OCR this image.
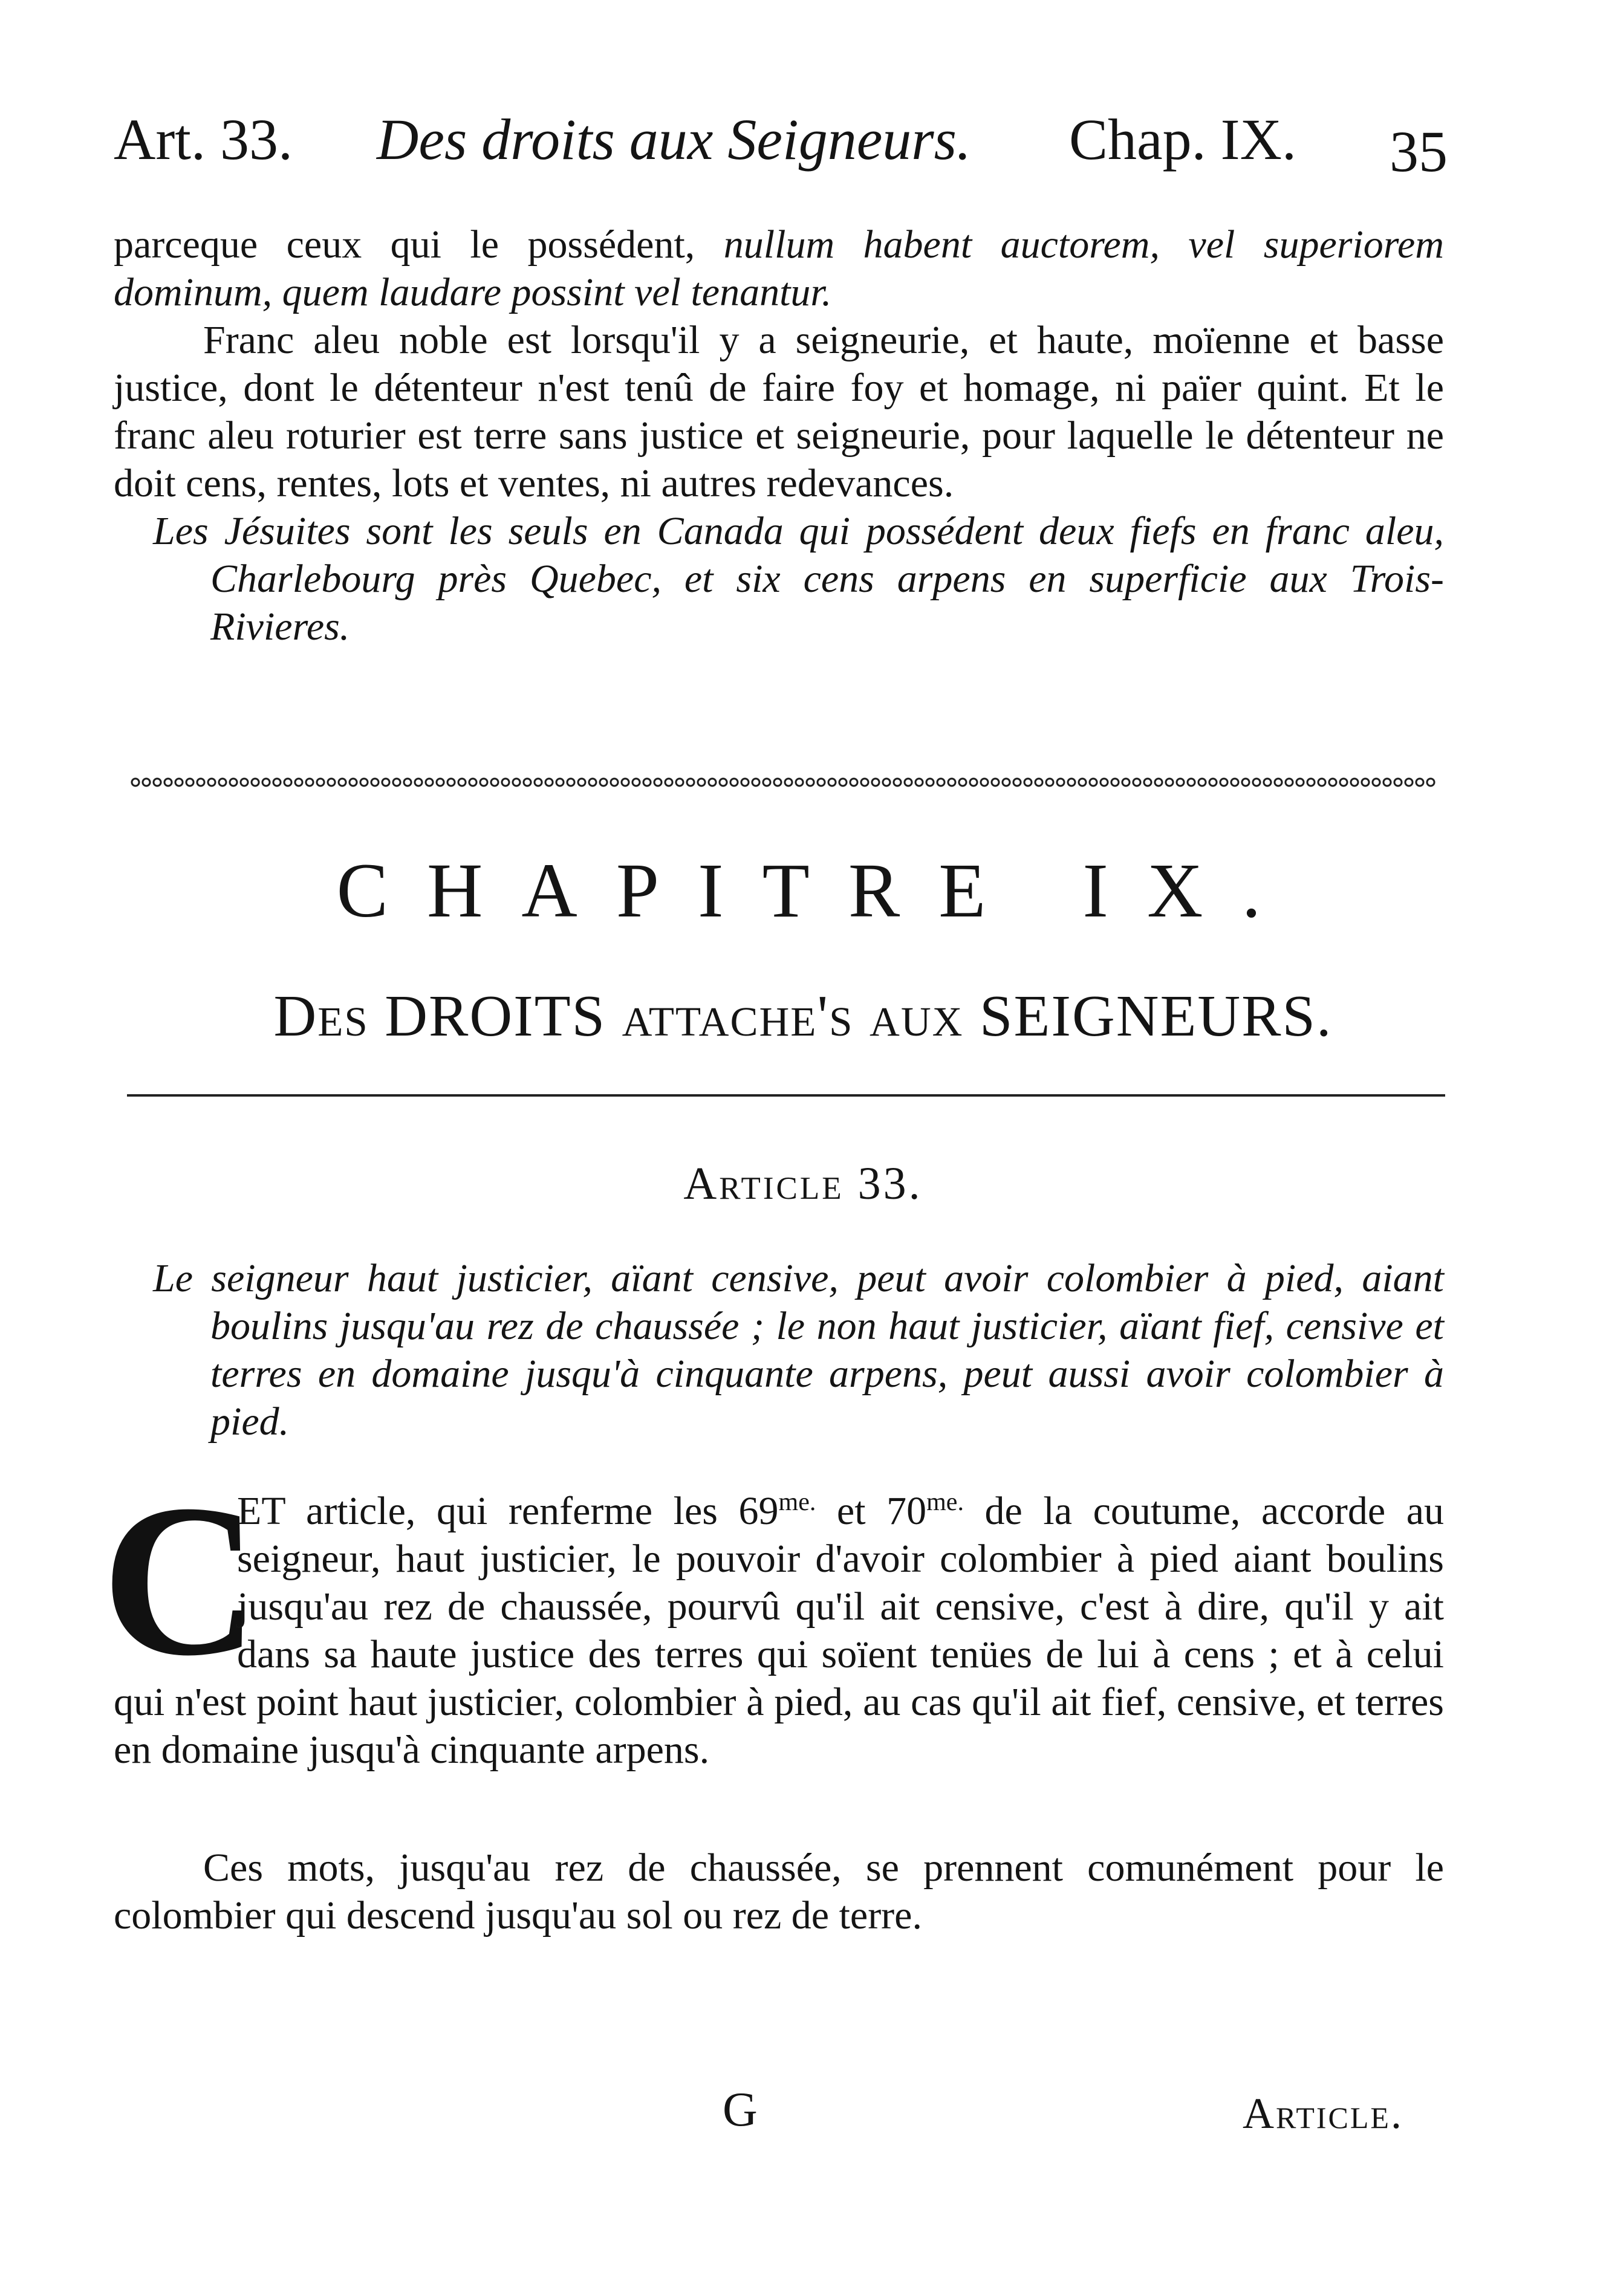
Art. 33. Des droits aux Seigneurs. Chap. IX. 35

parceque ceux qui le possédent, nullum habent auctorem, vel superiorem dominum, quem laudare possint vel tenantur.

Franc aleu noble est lorsqu'il y a seigneurie, et haute, moïenne et basse justice, dont le détenteur n'est tenû de faire foy et homage, ni païer quint. Et le franc aleu roturier est terre sans justice et seigneurie, pour laquelle le détenteur ne doit cens, rentes, lots et ventes, ni autres redevances.

Les Jésuites sont les seuls en Canada qui possédent deux fiefs en franc aleu, Charlebourg près Quebec, et six cens arpens en superficie aux Trois-Rivieres.

CHAPITRE IX.
Des DROITS attache's aux SEIGNEURS.
Article 33.

Le seigneur haut justicier, aïant censive, peut avoir colombier à pied, aiant boulins jusqu'au rez de chaussée ; le non haut justicier, aïant fief, censive et terres en domaine jusqu'à cinquante arpens, peut aussi avoir colombier à pied.

C
ET article, qui renferme les $69^{me.}$ et $70^{me.}$ de la coutume, accorde au seigneur, haut justicier, le pouvoir d'avoir colombier à pied aiant boulins jusqu'au rez de chaussée, pourvû qu'il ait censive, c'est à dire, qu'il y ait dans sa haute justice des terres qui soïent tenües de lui à cens ; et à celui qui n'est point haut justicier, colombier à pied, au cas qu'il ait fief, censive, et terres en domaine jusqu'à cinquante arpens.

Ces mots, jusqu'au rez de chaussée, se prennent comunément pour le colombier qui descend jusqu'au sol ou rez de terre.

G	Article.
